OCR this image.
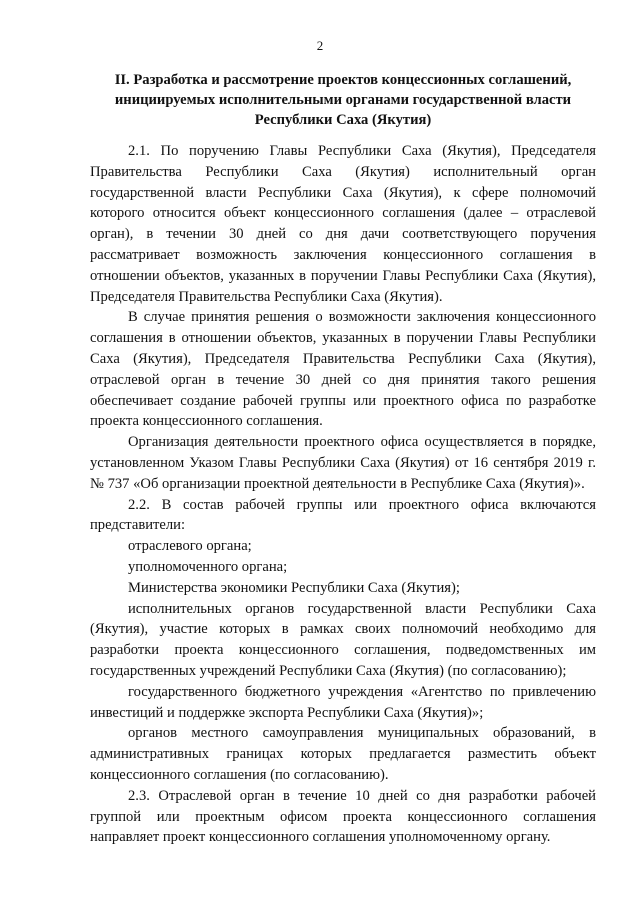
2
II. Разработка и рассмотрение проектов концессионных соглашений, инициируемых исполнительными органами государственной власти Республики Саха (Якутия)

2.1. По поручению Главы Республики Саха (Якутия), Председателя Правительства Республики Саха (Якутия) исполнительный орган государственной власти Республики Саха (Якутия), к сфере полномочий которого относится объект концессионного соглашения (далее – отраслевой орган), в течении 30 дней со дня дачи соответствующего поручения рассматривает возможность заключения концессионного соглашения в отношении объектов, указанных в поручении Главы Республики Саха (Якутия), Председателя Правительства Республики Саха (Якутия).

В случае принятия решения о возможности заключения концессионного соглашения в отношении объектов, указанных в поручении Главы Республики Саха (Якутия), Председателя Правительства Республики Саха (Якутия), отраслевой орган в течение 30 дней со дня принятия такого решения обеспечивает создание рабочей группы или проектного офиса по разработке проекта концессионного соглашения.

Организация деятельности проектного офиса осуществляется в порядке, установленном Указом Главы Республики Саха (Якутия) от 16 сентября 2019 г. № 737 «Об организации проектной деятельности в Республике Саха (Якутия)».

2.2. В состав рабочей группы или проектного офиса включаются представители:

отраслевого органа;

уполномоченного органа;

Министерства экономики Республики Саха (Якутия);

исполнительных органов государственной власти Республики Саха (Якутия), участие которых в рамках своих полномочий необходимо для разработки проекта концессионного соглашения, подведомственных им государственных учреждений Республики Саха (Якутия) (по согласованию);

государственного бюджетного учреждения «Агентство по привлечению инвестиций и поддержке экспорта Республики Саха (Якутия)»;

органов местного самоуправления муниципальных образований, в административных границах которых предлагается разместить объект концессионного соглашения (по согласованию).

2.3. Отраслевой орган в течение 10 дней со дня разработки рабочей группой или проектным офисом проекта концессионного соглашения направляет проект концессионного соглашения уполномоченному органу.
